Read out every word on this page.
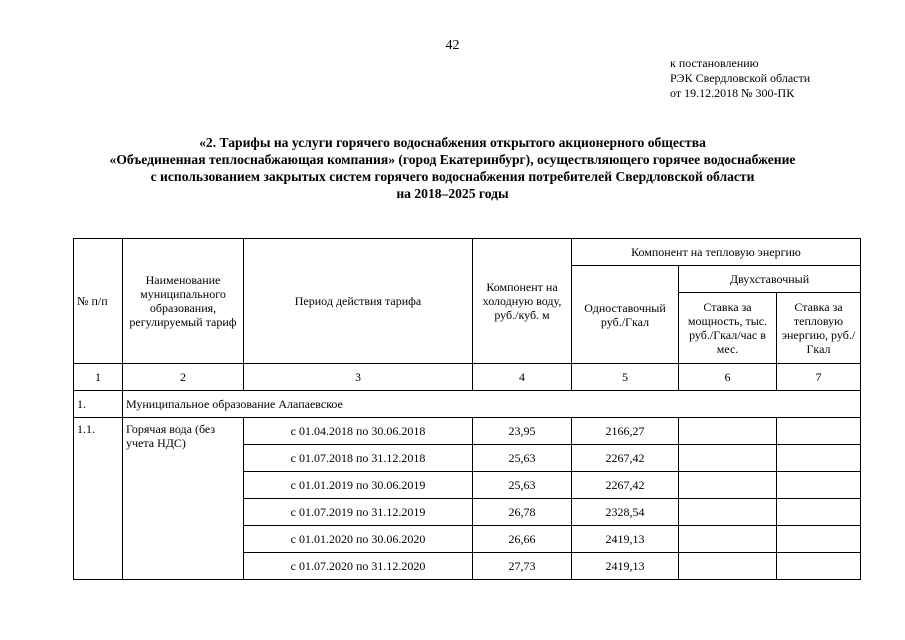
42
к постановлению
РЭК Свердловской области
от 19.12.2018 № 300-ПК
«2. Тарифы на услуги горячего водоснабжения открытого акционерного общества
«Объединенная теплоснабжающая компания» (город Екатеринбург), осуществляющего горячее водоснабжение
с использованием закрытых систем горячего водоснабжения потребителей Свердловской области
на 2018–2025 годы
№ п/п	Наименование муниципального образования, регулируемый тариф	Период действия тарифа	Компонент на холодную воду, руб./куб. м	Компонент на тепловую энергию		
				Одноставочный руб./Гкал	Двухставочный	
					Ставка за мощность, тыс. руб./Гкал/час в мес.	Ставка за тепловую энергию, руб./Гкал
1	2	3	4	5	6	7
1.	Муниципальное образование Алапаевское					
1.1.	Горячая вода (без учета НДС)	с 01.04.2018 по 30.06.2018	23,95	2166,27		
		с 01.07.2018 по 31.12.2018	25,63	2267,42		
		с 01.01.2019 по 30.06.2019	25,63	2267,42		
		с 01.07.2019 по 31.12.2019	26,78	2328,54		
		с 01.01.2020 по 30.06.2020	26,66	2419,13		
		с 01.07.2020 по 31.12.2020	27,73	2419,13		
